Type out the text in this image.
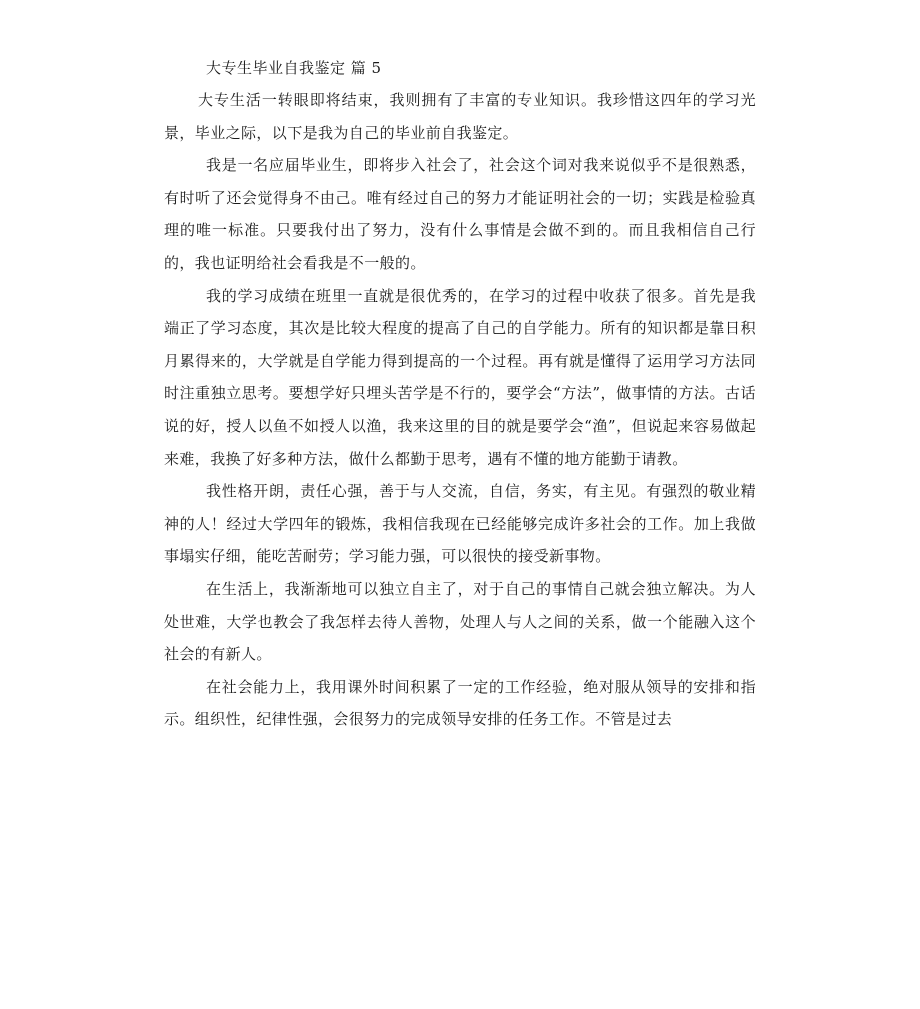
大专生毕业自我鉴定 篇 5

大专生活一转眼即将结束，我则拥有了丰富的专业知识。我珍惜这四年的学习光景，毕业之际，以下是我为自己的毕业前自我鉴定。

我是一名应届毕业生，即将步入社会了，社会这个词对我来说似乎不是很熟悉，有时听了还会觉得身不由己。唯有经过自己的努力才能证明社会的一切；实践是检验真理的唯一标准。只要我付出了努力，没有什么事情是会做不到的。而且我相信自己行的，我也证明给社会看我是不一般的。

我的学习成绩在班里一直就是很优秀的，在学习的过程中收获了很多。首先是我端正了学习态度，其次是比较大程度的提高了自己的自学能力。所有的知识都是靠日积月累得来的，大学就是自学能力得到提高的一个过程。再有就是懂得了运用学习方法同时注重独立思考。要想学好只埋头苦学是不行的，要学会“方法”，做事情的方法。古话说的好，授人以鱼不如授人以渔，我来这里的目的就是要学会“渔”，但说起来容易做起来难，我换了好多种方法，做什么都勤于思考，遇有不懂的地方能勤于请教。

我性格开朗，责任心强，善于与人交流，自信，务实，有主见。有强烈的敬业精神的人！经过大学四年的锻炼，我相信我现在已经能够完成许多社会的工作。加上我做事塌实仔细，能吃苦耐劳；学习能力强，可以很快的接受新事物。

在生活上，我渐渐地可以独立自主了，对于自己的事情自己就会独立解决。为人处世难，大学也教会了我怎样去待人善物，处理人与人之间的关系，做一个能融入这个社会的有新人。

在社会能力上，我用课外时间积累了一定的工作经验，绝对服从领导的安排和指示。组织性，纪律性强，会很努力的完成领导安排的任务工作。不管是过去
